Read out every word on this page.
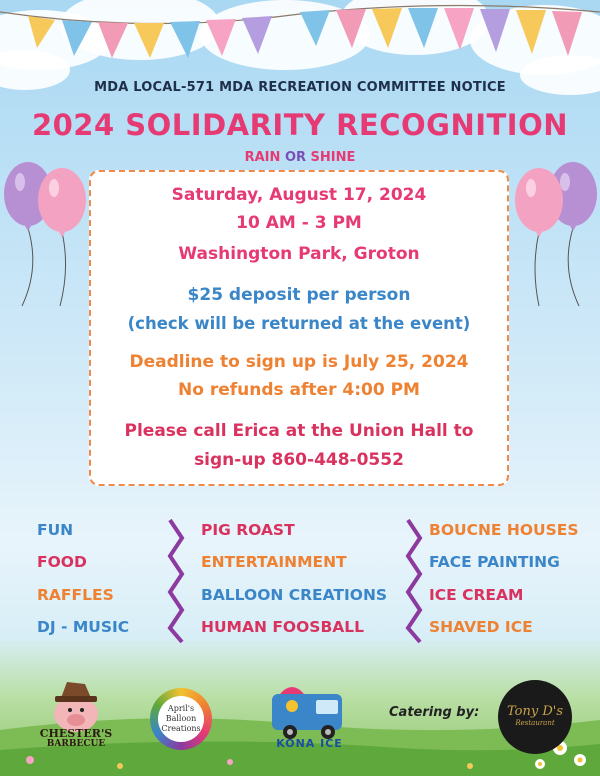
MDA LOCAL-571 MDA RECREATION COMMITTEE NOTICE
2024 SOLIDARITY RECOGNITION
RAIN OR SHINE
Saturday, August 17, 2024
10 AM - 3 PM
Washington Park, Groton
$25 deposit per person
(check will be returned at the event)
Deadline to sign up is July 25, 2024
No refunds after 4:00 PM
Please call Erica at the Union Hall to
sign-up 860-448-0552
FUN
FOOD
RAFFLES
DJ - MUSIC
PIG ROAST
ENTERTAINMENT
BALLOON CREATIONS
HUMAN FOOSBALL
BOUCNE HOUSES
FACE PAINTING
ICE CREAM
SHAVED ICE
CHESTER'S
BARBECUE
April's
Balloon
Creations
KONA ICE
Catering by:	Tony D's
Restaurant
